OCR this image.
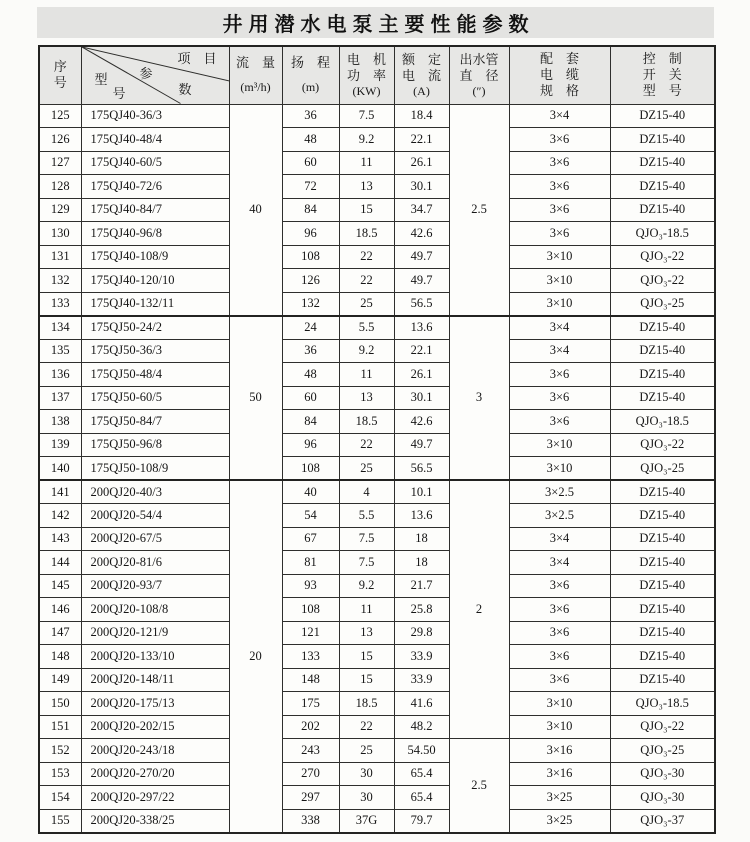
井用潜水电泵主要性能参数
序
号

项　目
参
数
型
号

流　量
(m³/h)

扬　程
(m)

电　机
功　率
(KW)

额　定
电　流
(A)

出水管
直　径
(″)

配　套
电　缆
规　格

控　制
开　关
型　号

125	175QJ40-36/3	40	36	7.5	18.4	2.5	3×4	DZ15-40
126	175QJ40-48/4		48	9.2	22.1		3×6	DZ15-40
127	175QJ40-60/5		60	11	26.1		3×6	DZ15-40
128	175QJ40-72/6		72	13	30.1		3×6	DZ15-40
129	175QJ40-84/7		84	15	34.7		3×6	DZ15-40
130	175QJ40-96/8		96	18.5	42.6		3×6	QJO₃-18.5
131	175QJ40-108/9		108	22	49.7		3×10	QJO₃-22
132	175QJ40-120/10		126	22	49.7		3×10	QJO₃-22
133	175QJ40-132/11		132	25	56.5		3×10	QJO₃-25
134	175QJ50-24/2	50	24	5.5	13.6	3	3×4	DZ15-40
135	175QJ50-36/3		36	9.2	22.1		3×4	DZ15-40
136	175QJ50-48/4		48	11	26.1		3×6	DZ15-40
137	175QJ50-60/5		60	13	30.1		3×6	DZ15-40
138	175QJ50-84/7		84	18.5	42.6		3×6	QJO₃-18.5
139	175QJ50-96/8		96	22	49.7		3×10	QJO₃-22
140	175QJ50-108/9		108	25	56.5		3×10	QJO₃-25
141	200QJ20-40/3	20	40	4	10.1	2	3×2.5	DZ15-40
142	200QJ20-54/4		54	5.5	13.6		3×2.5	DZ15-40
143	200QJ20-67/5		67	7.5	18		3×4	DZ15-40
144	200QJ20-81/6		81	7.5	18		3×4	DZ15-40
145	200QJ20-93/7		93	9.2	21.7		3×6	DZ15-40
146	200QJ20-108/8		108	11	25.8		3×6	DZ15-40
147	200QJ20-121/9		121	13	29.8		3×6	DZ15-40
148	200QJ20-133/10		133	15	33.9		3×6	DZ15-40
149	200QJ20-148/11		148	15	33.9		3×6	DZ15-40
150	200QJ20-175/13		175	18.5	41.6		3×10	QJO₃-18.5
151	200QJ20-202/15		202	22	48.2		3×10	QJO₃-22
152	200QJ20-243/18		243	25	54.50	2.5	3×16	QJO₃-25
153	200QJ20-270/20		270	30	65.4		3×16	QJO₃-30
154	200QJ20-297/22		297	30	65.4		3×25	QJO₃-30
155	200QJ20-338/25		338	37G	79.7		3×25	QJO₃-37
